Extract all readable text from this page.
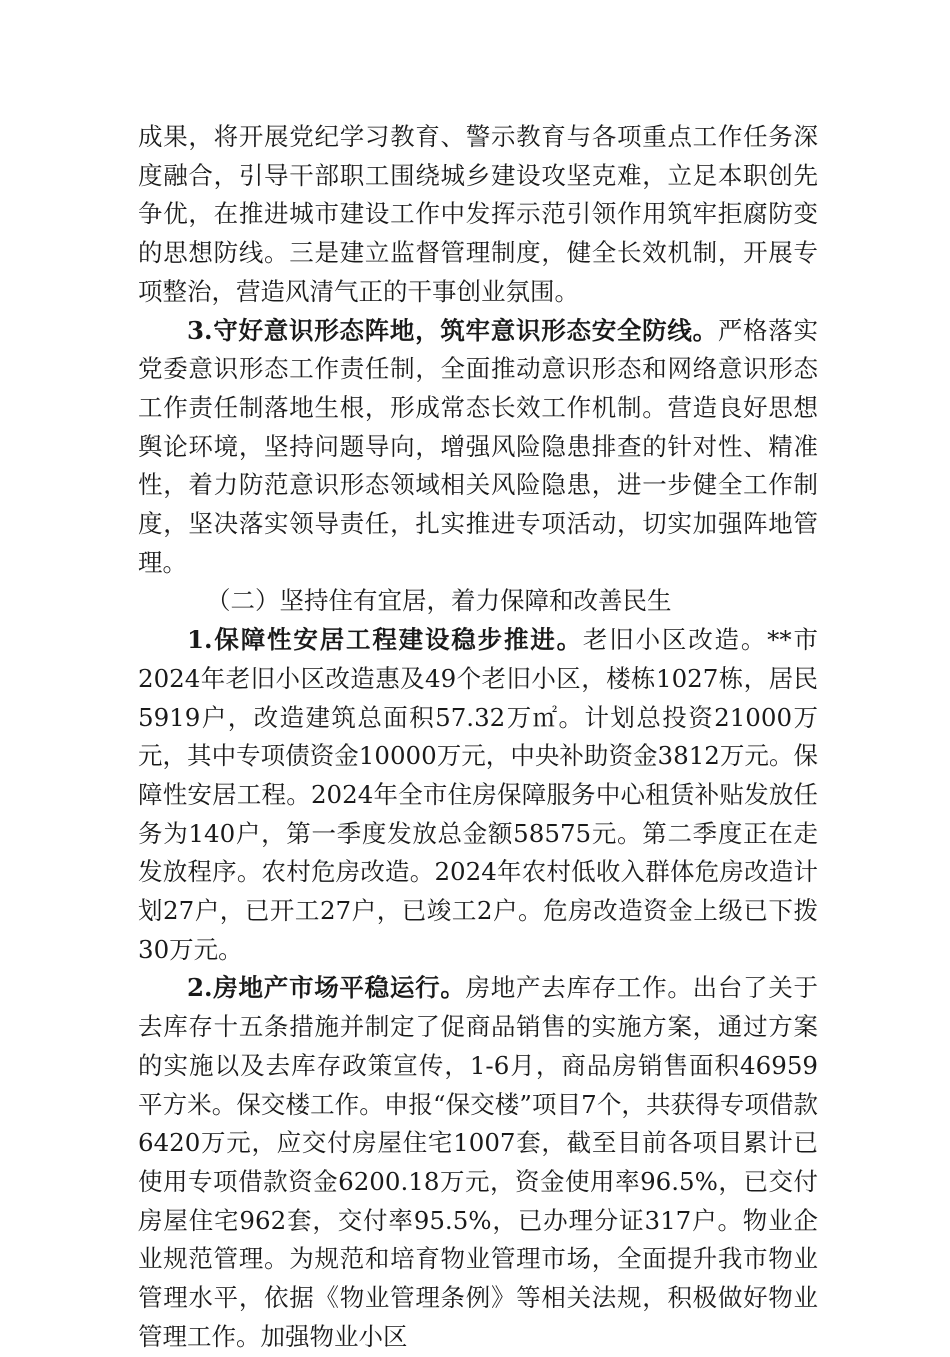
成果，将开展党纪学习教育、警示教育与各项重点工作任务深度融合，引导干部职工围绕城乡建设攻坚克难，立足本职创先争优，在推进城市建设工作中发挥示范引领作用筑牢拒腐防变的思想防线。三是建立监督管理制度，健全长效机制，开展专项整治，营造风清气正的干事创业氛围。

3.守好意识形态阵地，筑牢意识形态安全防线。严格落实党委意识形态工作责任制，全面推动意识形态和网络意识形态工作责任制落地生根，形成常态长效工作机制。营造良好思想舆论环境，坚持问题导向，增强风险隐患排查的针对性、精准性，着力防范意识形态领域相关风险隐患，进一步健全工作制度，坚决落实领导责任，扎实推进专项活动，切实加强阵地管理。

（二）坚持住有宜居，着力保障和改善民生

1.保障性安居工程建设稳步推进。老旧小区改造。**市2024年老旧小区改造惠及49个老旧小区，楼栋1027栋，居民5919户，改造建筑总面积57.32万㎡。计划总投资21000万元，其中专项债资金10000万元，中央补助资金3812万元。保障性安居工程。2024年全市住房保障服务中心租赁补贴发放任务为140户，第一季度发放总金额58575元。第二季度正在走发放程序。农村危房改造。2024年农村低收入群体危房改造计划27户，已开工27户，已竣工2户。危房改造资金上级已下拨30万元。

2.房地产市场平稳运行。房地产去库存工作。出台了关于去库存十五条措施并制定了促商品销售的实施方案，通过方案的实施以及去库存政策宣传，1-6月，商品房销售面积46959平方米。保交楼工作。申报“保交楼”项目7个，共获得专项借款6420万元，应交付房屋住宅1007套，截至目前各项目累计已使用专项借款资金6200.18万元，资金使用率96.5%，已交付房屋住宅962套，交付率95.5%，已办理分证317户。物业企业规范管理。为规范和培育物业管理市场，全面提升我市物业管理水平，依据《物业管理条例》等相关法规，积极做好物业管理工作。加强物业小区
